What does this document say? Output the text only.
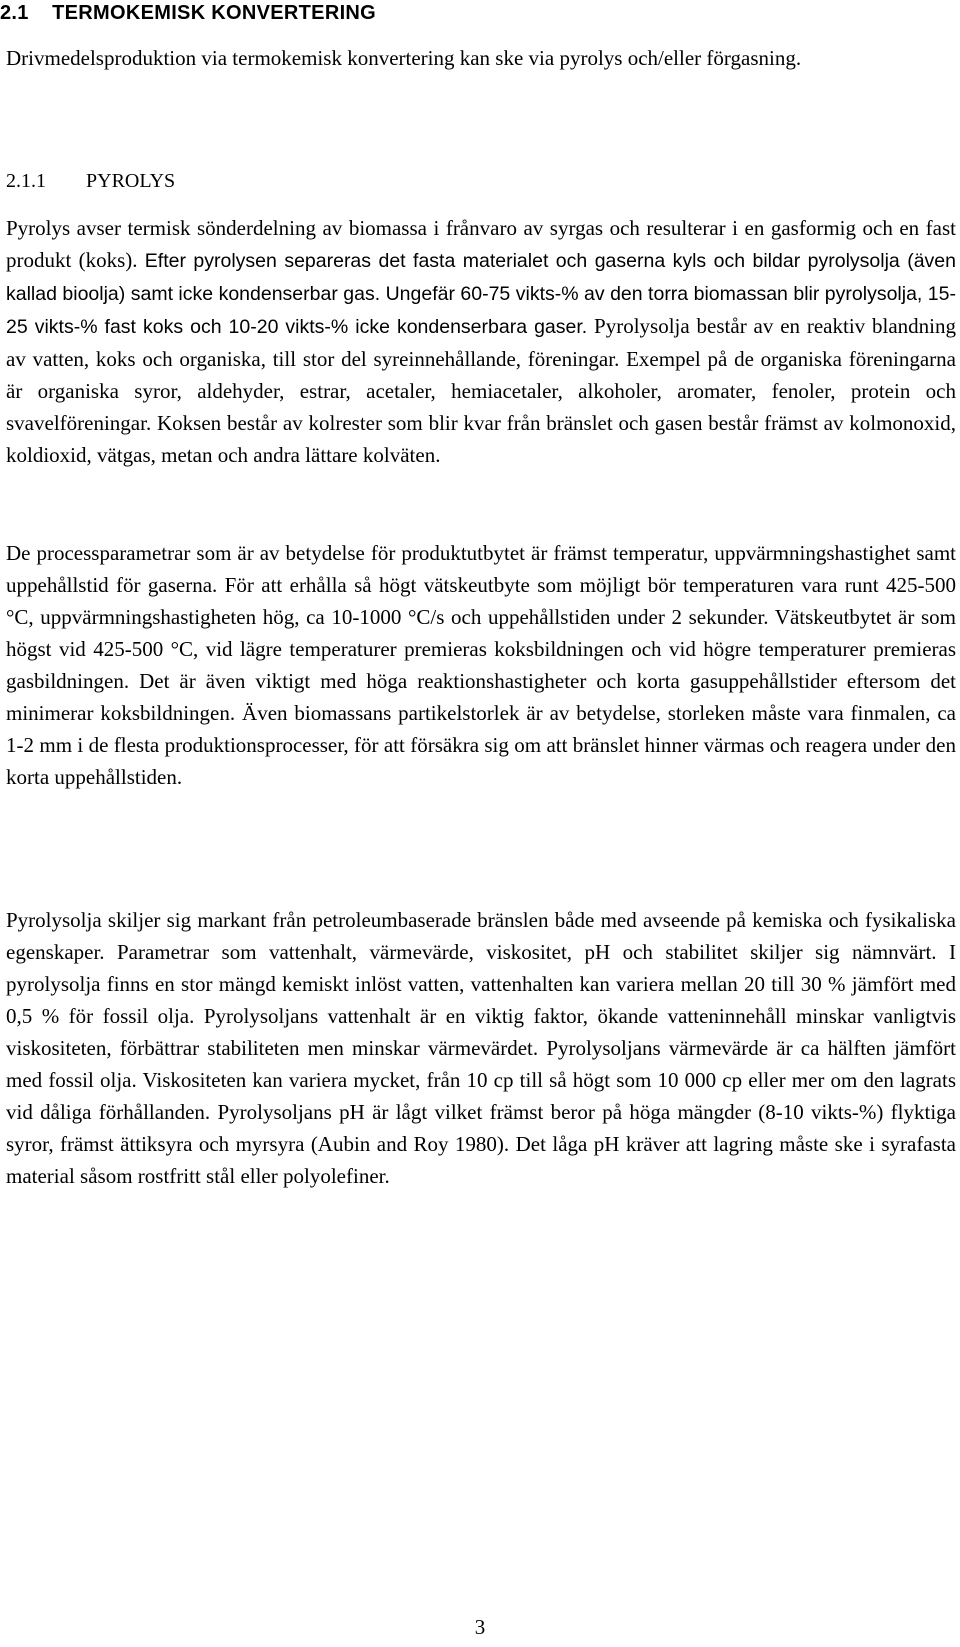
2.1 TERMOKEMISK KONVERTERING
Drivmedelsproduktion via termokemisk konvertering kan ske via pyrolys och/eller förgasning.
2.1.1 PYROLYS
Pyrolys avser termisk sönderdelning av biomassa i frånvaro av syrgas och resulterar i en gasformig och en fast produkt (koks). Efter pyrolysen separeras det fasta materialet och gaserna kyls och bildar pyrolysolja (även kallad bioolja) samt icke kondenserbar gas. Ungefär 60-75 vikts-% av den torra biomassan blir pyrolysolja, 15-25 vikts-% fast koks och 10-20 vikts-% icke kondenserbara gaser. Pyrolysolja består av en reaktiv blandning av vatten, koks och organiska, till stor del syreinnehållande, föreningar. Exempel på de organiska föreningarna är organiska syror, aldehyder, estrar, acetaler, hemiacetaler, alkoholer, aromater, fenoler, protein och svavelföreningar. Koksen består av kolrester som blir kvar från bränslet och gasen består främst av kolmonoxid, koldioxid, vätgas, metan och andra lättare kolväten.
De processparametrar som är av betydelse för produktutbytet är främst temperatur, uppvärmningshastighet samt uppehållstid för gaserna. För att erhålla så högt vätskeutbyte som möjligt bör temperaturen vara runt 425-500 °C, uppvärmningshastigheten hög, ca 10-1000 °C/s och uppehållstiden under 2 sekunder. Vätskeutbytet är som högst vid 425-500 °C, vid lägre temperaturer premieras koksbildningen och vid högre temperaturer premieras gasbildningen. Det är även viktigt med höga reaktionshastigheter och korta gasuppehållstider eftersom det minimerar koksbildningen. Även biomassans partikelstorlek är av betydelse, storleken måste vara finmalen, ca 1-2 mm i de flesta produktionsprocesser, för att försäkra sig om att bränslet hinner värmas och reagera under den korta uppehållstiden.
Pyrolysolja skiljer sig markant från petroleumbaserade bränslen både med avseende på kemiska och fysikaliska egenskaper. Parametrar som vattenhalt, värmevärde, viskositet, pH och stabilitet skiljer sig nämnvärt. I pyrolysolja finns en stor mängd kemiskt inlöst vatten, vattenhalten kan variera mellan 20 till 30 % jämfört med 0,5 % för fossil olja. Pyrolysoljans vattenhalt är en viktig faktor, ökande vatteninnehåll minskar vanligtvis viskositeten, förbättrar stabiliteten men minskar värmevärdet. Pyrolysoljans värmevärde är ca hälften jämfört med fossil olja. Viskositeten kan variera mycket, från 10 cp till så högt som 10 000 cp eller mer om den lagrats vid dåliga förhållanden. Pyrolysoljans pH är lågt vilket främst beror på höga mängder (8-10 vikts-%) flyktiga syror, främst ättiksyra och myrsyra (Aubin and Roy 1980). Det låga pH kräver att lagring måste ske i syrafasta material såsom rostfritt stål eller polyolefiner.
3
